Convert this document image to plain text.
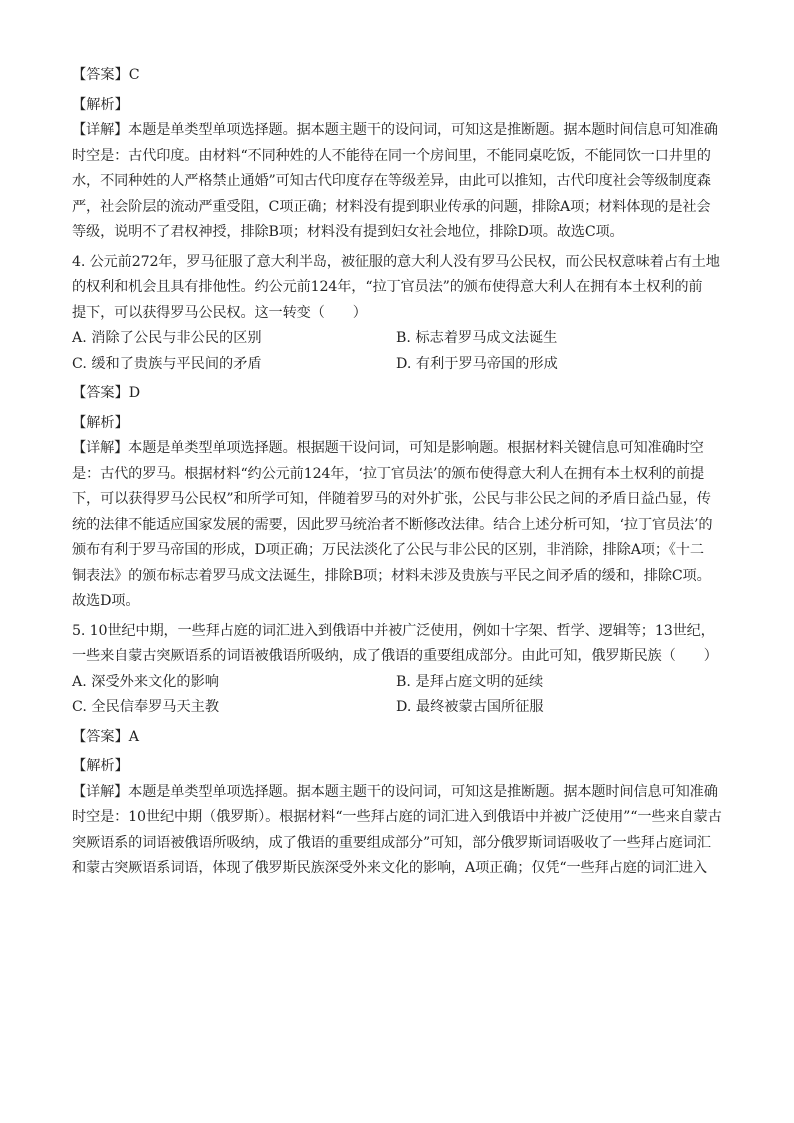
【答案】C
【解析】
【详解】本题是单类型单项选择题。据本题主题干的设问词，可知这是推断题。据本题时间信息可知准确
时空是：古代印度。由材料“不同种姓的人不能待在同一个房间里，不能同桌吃饭，不能同饮一口井里的
水，不同种姓的人严格禁止通婚”可知古代印度存在等级差异，由此可以推知，古代印度社会等级制度森
严，社会阶层的流动严重受阻，C项正确；材料没有提到职业传承的问题，排除A项；材料体现的是社会
等级，说明不了君权神授，排除B项；材料没有提到妇女社会地位，排除D项。故选C项。
4. 公元前272年，罗马征服了意大利半岛，被征服的意大利人没有罗马公民权，而公民权意味着占有土地
的权利和机会且具有排他性。约公元前124年，“拉丁官员法”的颁布使得意大利人在拥有本土权利的前
提下，可以获得罗马公民权。这一转变（　　）
A. 消除了公民与非公民的区别	B. 标志着罗马成文法诞生
C. 缓和了贵族与平民间的矛盾	D. 有利于罗马帝国的形成
【答案】D
【解析】
【详解】本题是单类型单项选择题。根据题干设问词，可知是影响题。根据材料关键信息可知准确时空
是：古代的罗马。根据材料“约公元前124年，‘拉丁官员法’的颁布使得意大利人在拥有本土权利的前提
下，可以获得罗马公民权”和所学可知，伴随着罗马的对外扩张，公民与非公民之间的矛盾日益凸显，传
统的法律不能适应国家发展的需要，因此罗马统治者不断修改法律。结合上述分析可知，‘拉丁官员法’的
颁布有利于罗马帝国的形成，D项正确；万民法淡化了公民与非公民的区别，非消除，排除A项；《十二
铜表法》的颁布标志着罗马成文法诞生，排除B项；材料未涉及贵族与平民之间矛盾的缓和，排除C项。
故选D项。
5. 10世纪中期，一些拜占庭的词汇进入到俄语中并被广泛使用，例如十字架、哲学、逻辑等；13世纪，
一些来自蒙古突厥语系的词语被俄语所吸纳，成了俄语的重要组成部分。由此可知，俄罗斯民族（　　）
A. 深受外来文化的影响	B. 是拜占庭文明的延续
C. 全民信奉罗马天主教	D. 最终被蒙古国所征服
【答案】A
【解析】
【详解】本题是单类型单项选择题。据本题主题干的设问词，可知这是推断题。据本题时间信息可知准确
时空是：10世纪中期（俄罗斯）。根据材料“一些拜占庭的词汇进入到俄语中并被广泛使用”“一些来自蒙古
突厥语系的词语被俄语所吸纳，成了俄语的重要组成部分”可知，部分俄罗斯词语吸收了一些拜占庭词汇
和蒙古突厥语系词语，体现了俄罗斯民族深受外来文化的影响，A项正确；仅凭“一些拜占庭的词汇进入
